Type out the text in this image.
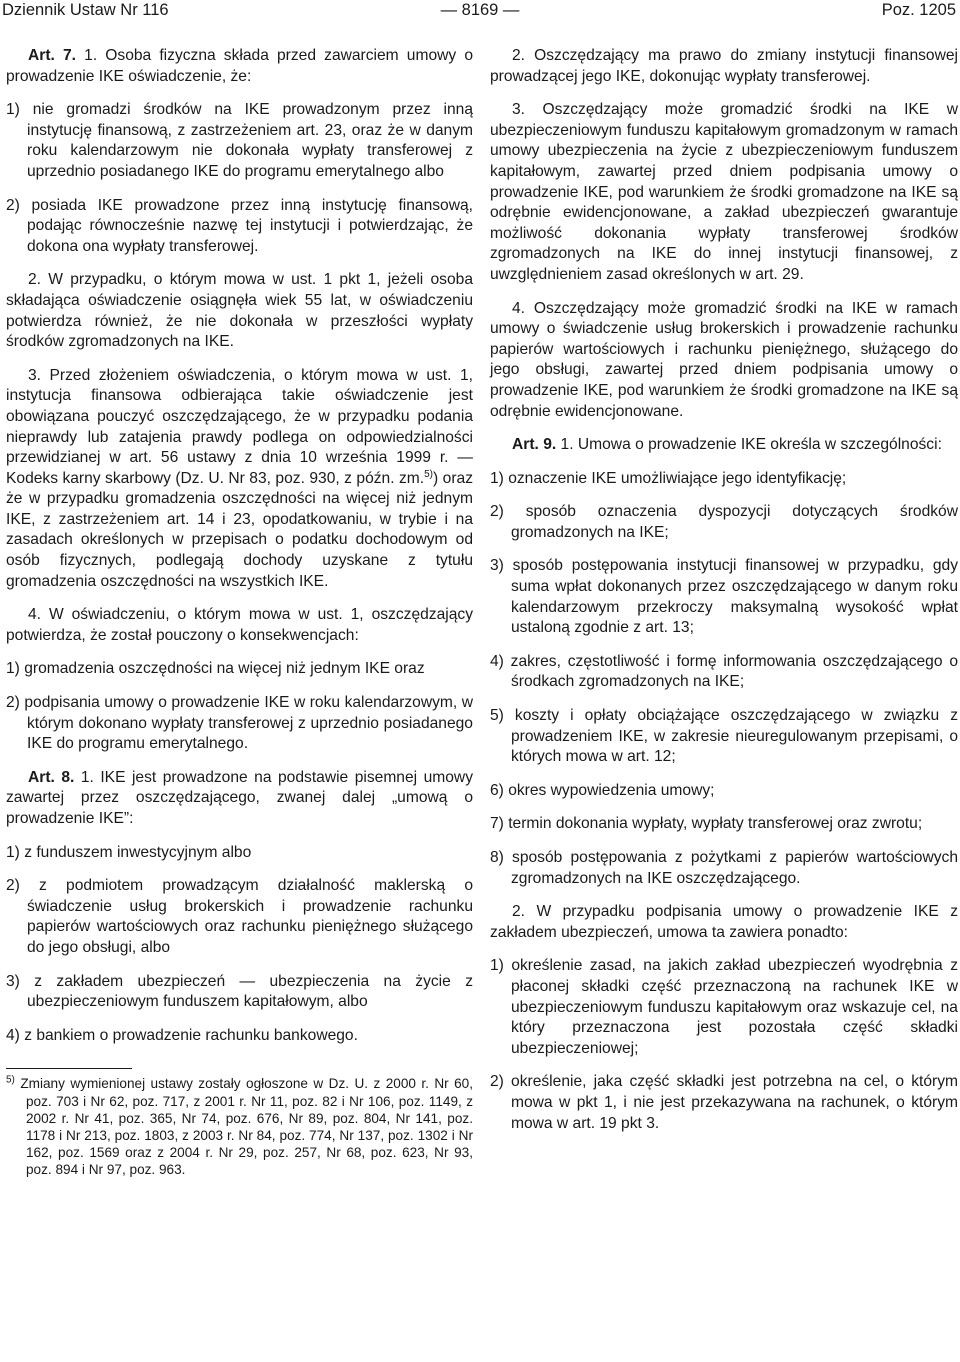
Dziennik Ustaw Nr 116	— 8169 —	Poz. 1205

Art. 7. 1. Osoba fizyczna składa przed zawarciem umowy o prowadzenie IKE oświadczenie, że:

1) nie gromadzi środków na IKE prowadzonym przez inną instytucję finansową, z zastrzeżeniem art. 23, oraz że w danym roku kalendarzowym nie dokonała wypłaty transferowej z uprzednio posiadanego IKE do programu emerytalnego albo

2) posiada IKE prowadzone przez inną instytucję finansową, podając równocześnie nazwę tej instytucji i potwierdzając, że dokona ona wypłaty transferowej.

2. W przypadku, o którym mowa w ust. 1 pkt 1, jeżeli osoba składająca oświadczenie osiągnęła wiek 55 lat, w oświadczeniu potwierdza również, że nie dokonała w przeszłości wypłaty środków zgromadzonych na IKE.

3. Przed złożeniem oświadczenia, o którym mowa w ust. 1, instytucja finansowa odbierająca takie oświadczenie jest obowiązana pouczyć oszczędzającego, że w przypadku podania nieprawdy lub zatajenia prawdy podlega on odpowiedzialności przewidzianej w art. 56 ustawy z dnia 10 września 1999 r. — Kodeks karny skarbowy (Dz. U. Nr 83, poz. 930, z późn. zm.$^{5)}$) oraz że w przypadku gromadzenia oszczędności na więcej niż jednym IKE, z zastrzeżeniem art. 14 i 23, opodatkowaniu, w trybie i na zasadach określonych w przepisach o podatku dochodowym od osób fizycznych, podlegają dochody uzyskane z tytułu gromadzenia oszczędności na wszystkich IKE.

4. W oświadczeniu, o którym mowa w ust. 1, oszczędzający potwierdza, że został pouczony o konsekwencjach:

1) gromadzenia oszczędności na więcej niż jednym IKE oraz

2) podpisania umowy o prowadzenie IKE w roku kalendarzowym, w którym dokonano wypłaty transferowej z uprzednio posiadanego IKE do programu emerytalnego.

Art. 8. 1. IKE jest prowadzone na podstawie pisemnej umowy zawartej przez oszczędzającego, zwanej dalej „umową o prowadzenie IKE”:

1) z funduszem inwestycyjnym albo

2) z podmiotem prowadzącym działalność maklerską o świadczenie usług brokerskich i prowadzenie rachunku papierów wartościowych oraz rachunku pieniężnego służącego do jego obsługi, albo

3) z zakładem ubezpieczeń — ubezpieczenia na życie z ubezpieczeniowym funduszem kapitałowym, albo

4) z bankiem o prowadzenie rachunku bankowego.

$^{5)}$ Zmiany wymienionej ustawy zostały ogłoszone w Dz. U. z 2000 r. Nr 60, poz. 703 i Nr 62, poz. 717, z 2001 r. Nr 11, poz. 82 i Nr 106, poz. 1149, z 2002 r. Nr 41, poz. 365, Nr 74, poz. 676, Nr 89, poz. 804, Nr 141, poz. 1178 i Nr 213, poz. 1803, z 2003 r. Nr 84, poz. 774, Nr 137, poz. 1302 i Nr 162, poz. 1569 oraz z 2004 r. Nr 29, poz. 257, Nr 68, poz. 623, Nr 93, poz. 894 i Nr 97, poz. 963.

2. Oszczędzający ma prawo do zmiany instytucji finansowej prowadzącej jego IKE, dokonując wypłaty transferowej.

3. Oszczędzający może gromadzić środki na IKE w ubezpieczeniowym funduszu kapitałowym gromadzonym w ramach umowy ubezpieczenia na życie z ubezpieczeniowym funduszem kapitałowym, zawartej przed dniem podpisania umowy o prowadzenie IKE, pod warunkiem że środki gromadzone na IKE są odrębnie ewidencjonowane, a zakład ubezpieczeń gwarantuje możliwość dokonania wypłaty transferowej środków zgromadzonych na IKE do innej instytucji finansowej, z uwzględnieniem zasad określonych w art. 29.

4. Oszczędzający może gromadzić środki na IKE w ramach umowy o świadczenie usług brokerskich i prowadzenie rachunku papierów wartościowych i rachunku pieniężnego, służącego do jego obsługi, zawartej przed dniem podpisania umowy o prowadzenie IKE, pod warunkiem że środki gromadzone na IKE są odrębnie ewidencjonowane.

Art. 9. 1. Umowa o prowadzenie IKE określa w szczególności:

1) oznaczenie IKE umożliwiające jego identyfikację;

2) sposób oznaczenia dyspozycji dotyczących środków gromadzonych na IKE;

3) sposób postępowania instytucji finansowej w przypadku, gdy suma wpłat dokonanych przez oszczędzającego w danym roku kalendarzowym przekroczy maksymalną wysokość wpłat ustaloną zgodnie z art. 13;

4) zakres, częstotliwość i formę informowania oszczędzającego o środkach zgromadzonych na IKE;

5) koszty i opłaty obciążające oszczędzającego w związku z prowadzeniem IKE, w zakresie nieuregulowanym przepisami, o których mowa w art. 12;

6) okres wypowiedzenia umowy;

7) termin dokonania wypłaty, wypłaty transferowej oraz zwrotu;

8) sposób postępowania z pożytkami z papierów wartościowych zgromadzonych na IKE oszczędzającego.

2. W przypadku podpisania umowy o prowadzenie IKE z zakładem ubezpieczeń, umowa ta zawiera ponadto:

1) określenie zasad, na jakich zakład ubezpieczeń wyodrębnia z płaconej składki część przeznaczoną na rachunek IKE w ubezpieczeniowym funduszu kapitałowym oraz wskazuje cel, na który przeznaczona jest pozostała część składki ubezpieczeniowej;

2) określenie, jaka część składki jest potrzebna na cel, o którym mowa w pkt 1, i nie jest przekazywana na rachunek, o którym mowa w art. 19 pkt 3.
